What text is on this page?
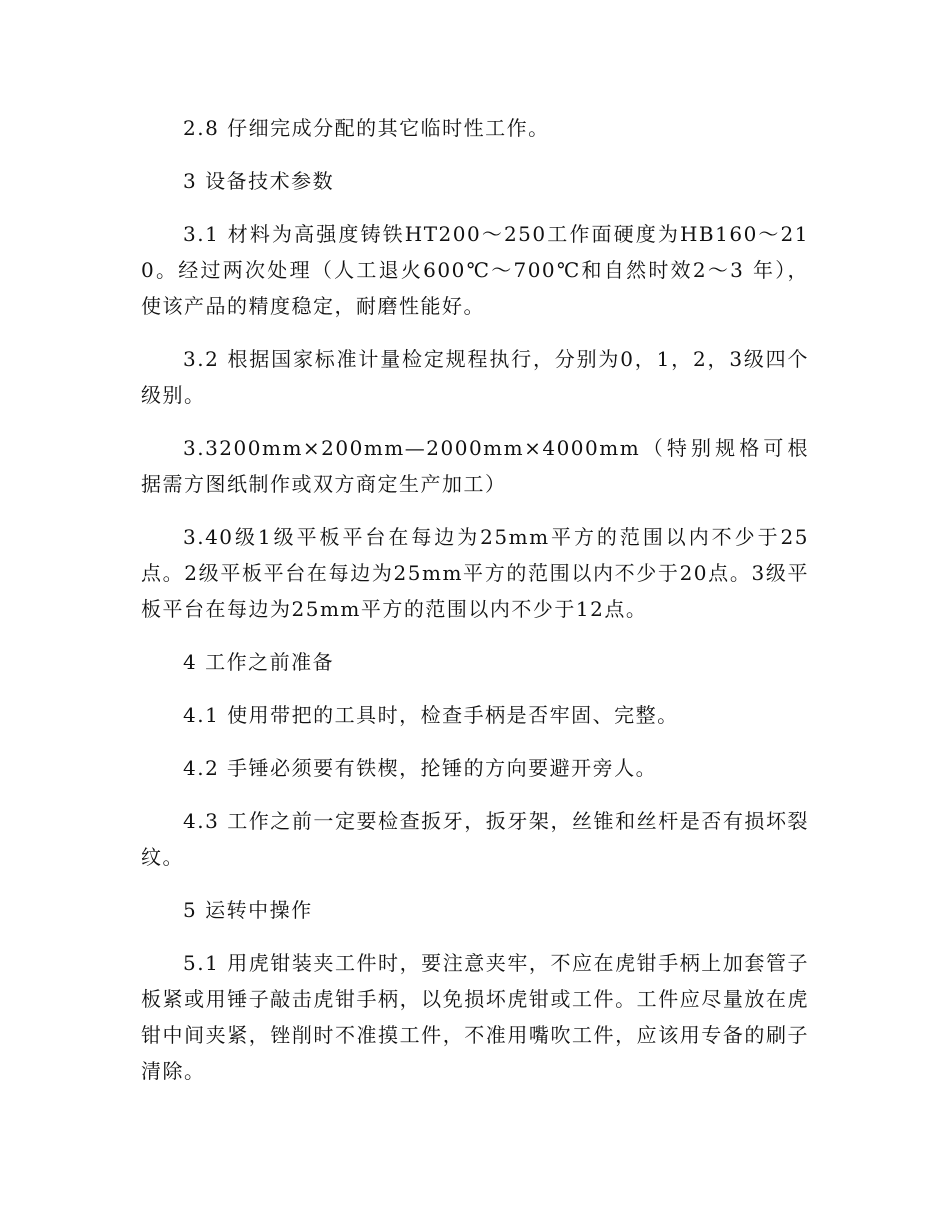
2.8 仔细完成分配的其它临时性工作。

3 设备技术参数

3.1 材料为高强度铸铁HT200～250工作面硬度为HB160～210。经过两次处理（人工退火600℃～700℃和自然时效2～3 年），使该产品的精度稳定，耐磨性能好。

3.2 根据国家标准计量检定规程执行，分别为0，1，2，3级四个级别。

3.3200mm×200mm—2000mm×4000mm（特别规格可根据需方图纸制作或双方商定生产加工）

3.40级1级平板平台在每边为25mm平方的范围以内不少于25点。2级平板平台在每边为25mm平方的范围以内不少于20点。3级平板平台在每边为25mm平方的范围以内不少于12点。

4 工作之前准备

4.1 使用带把的工具时，检查手柄是否牢固、完整。

4.2 手锤必须要有铁楔，抡锤的方向要避开旁人。

4.3 工作之前一定要检查扳牙，扳牙架，丝锥和丝杆是否有损坏裂纹。

5 运转中操作

5.1 用虎钳装夹工件时，要注意夹牢，不应在虎钳手柄上加套管子板紧或用锤子敲击虎钳手柄，以免损坏虎钳或工件。工件应尽量放在虎钳中间夹紧，锉削时不准摸工件，不准用嘴吹工件，应该用专备的刷子清除。
